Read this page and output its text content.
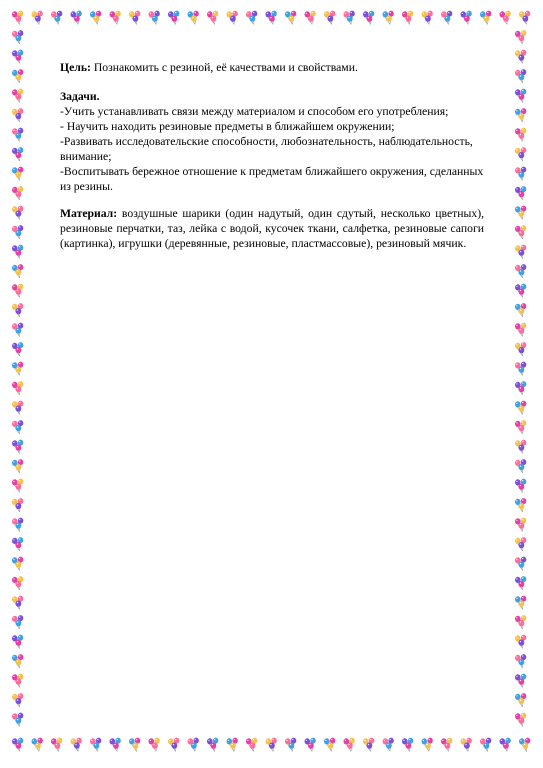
Цель: Познакомить с резиной, её качествами и свойствами.

Задачи.

-Учить устанавливать связи между материалом и способом его употребления;

- Научить находить резиновые предметы в ближайшем окружении;

-Развивать исследовательские способности, любознательность, наблюдательность, внимание;

-Воспитывать бережное отношение к предметам ближайшего окружения, сделанных из резины.

Материал: воздушные шарики (один надутый, один сдутый, несколько цветных), резиновые перчатки, таз, лейка с водой, кусочек ткани, салфетка, резиновые сапоги (картинка), игрушки (деревянные, резиновые, пластмассовые), резиновый мячик.
